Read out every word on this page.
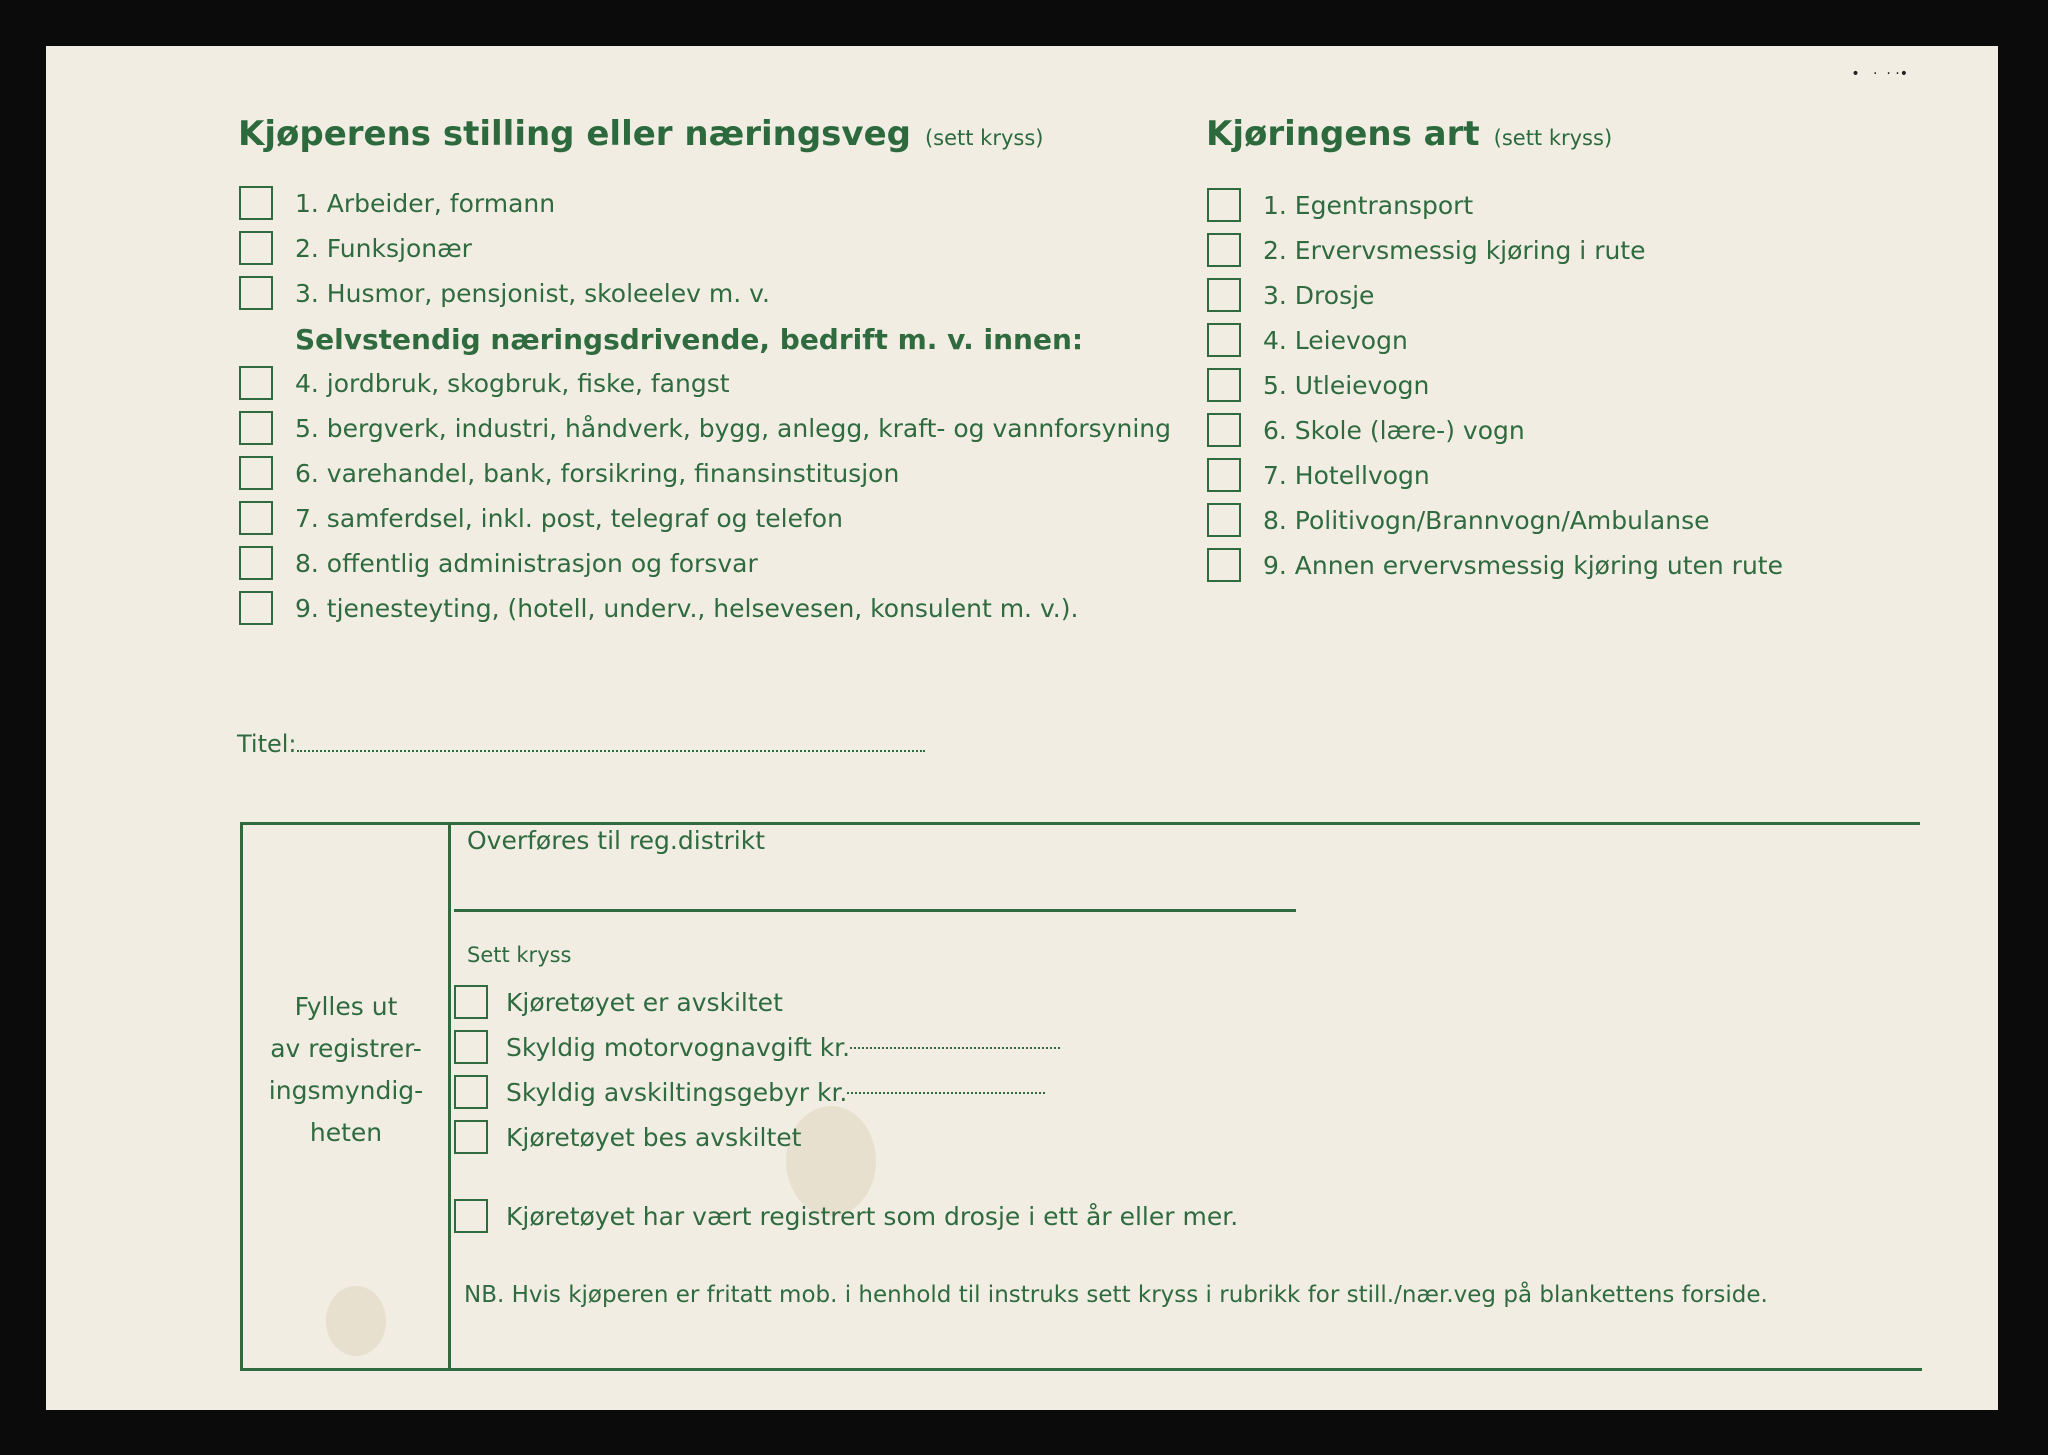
•   ·  · ·•
Kjøperens stilling eller næringsveg (sett kryss)
1. Arbeider, formann
2. Funksjonær
3. Husmor, pensjonist, skoleelev m. v.
Selvstendig næringsdrivende, bedrift m. v. innen:
4. jordbruk, skogbruk, fiske, fangst
5. bergverk, industri, håndverk, bygg, anlegg, kraft- og vannforsyning
6. varehandel, bank, forsikring, finansinstitusjon
7. samferdsel, inkl. post, telegraf og telefon
8. offentlig administrasjon og forsvar
9. tjenesteyting, (hotell, underv., helsevesen, konsulent m. v.).
Kjøringens art (sett kryss)
1. Egentransport
2. Ervervsmessig kjøring i rute
3. Drosje
4. Leievogn
5. Utleievogn
6. Skole (lære-) vogn
7. Hotellvogn
8. Politivogn/Brannvogn/Ambulanse
9. Annen ervervsmessig kjøring uten rute
Titel:
Fylles ut
av registrer-
ingsmyndig-
heten
Overføres til reg.distrikt
Sett kryss
Kjøretøyet er avskiltet
Skyldig motorvognavgift kr.
Skyldig avskiltingsgebyr kr.
Kjøretøyet bes avskiltet
Kjøretøyet har vært registrert som drosje i ett år eller mer.
NB. Hvis kjøperen er fritatt mob. i henhold til instruks sett kryss i rubrikk for still./nær.veg på blankettens forside.
